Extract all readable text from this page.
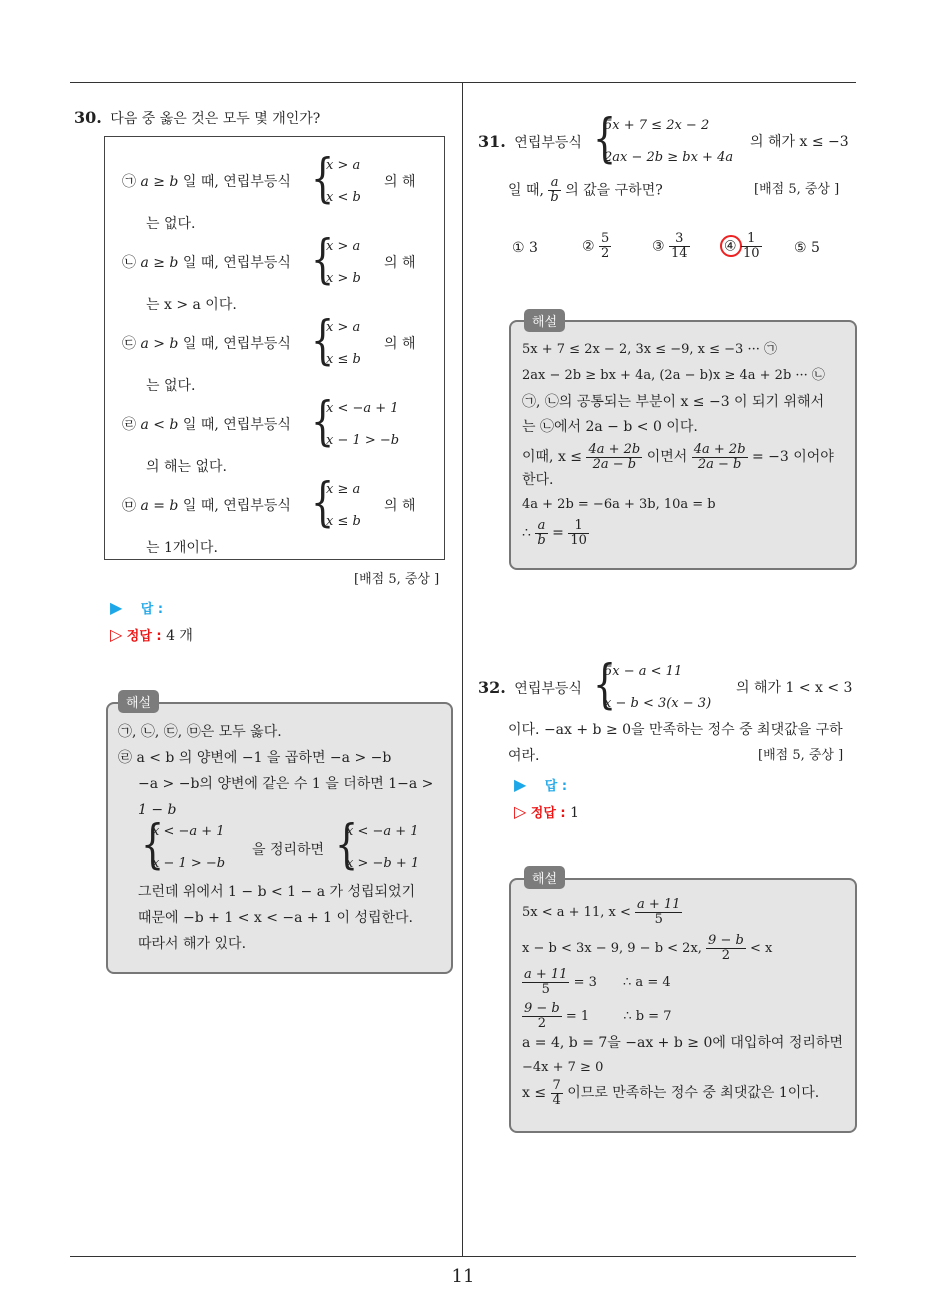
11
30. 다음 중 옳은 것은 모두 몇 개인가?
㉠ a ≥ b 일 때, 연립부등식 {
x > a
x < b
의 해
는 없다.
㉡ a ≥ b 일 때, 연립부등식 {
x > a
x > b
의 해
는 x > a 이다.
㉢ a > b 일 때, 연립부등식 {
x > a
x ≤ b
의 해
는 없다.
㉣ a < b 일 때, 연립부등식 {
x < −a + 1
x − 1 > −b
의 해는 없다.
㉤ a = b 일 때, 연립부등식 {
x ≥ a
x ≤ b
의 해
는 1개이다.
[배점 5, 중상 ]
▶ 답 :
▷ 정답 : 4 개
해설
㉠, ㉡, ㉢, ㉤은 모두 옳다.
㉣ a < b 의 양변에 −1 을 곱하면 −a > −b
−a > −b의 양변에 같은 수 1 을 더하면 1−a >
1 − b
{
x < −a + 1
x − 1 > −b
을 정리하면 {
x < −a + 1
x > −b + 1
그런데 위에서 1 − b < 1 − a 가 성립되었기
때문에 −b + 1 < x < −a + 1 이 성립한다.
따라서 해가 있다.
31. 연립부등식 {
5x + 7 ≤ 2x − 2
2ax − 2b ≥ bx + 4a
의 해가 x ≤ −3
일 때, $\frac{a}{b}$ 의 값을 구하면?	[배점 5, 중상 ]
① 3	② $\frac{5}{2}$	③ $\frac{3}{14}$ ④ $\frac{1}{10}$ ⑤ 5
해설
5x + 7 ≤ 2x − 2, 3x ≤ −9, x ≤ −3 ··· ㉠
2ax − 2b ≥ bx + 4a, (2a − b)x ≥ 4a + 2b ··· ㉡
㉠, ㉡의 공통되는 부분이 x ≤ −3 이 되기 위해서
는 ㉡에서 2a − b < 0 이다.
이때, $x \le \frac{4a + 2b}{2a - b}$ 이면서 $\frac{4a + 2b}{2a - b} = -3$ 이어야
한다.
4a + 2b = −6a + 3b, 10a = b
∴ $\frac{a}{b} = \frac{1}{10}$
32. 연립부등식 {
5x − a < 11
x − b < 3(x − 3)
의 해가 1 < x < 3
이다. −ax + b ≥ 0을 만족하는 정수 중 최댓값을 구하
여라.	[배점 5, 중상 ]
▶ 답 :
▷ 정답 : 1
해설
5x < a + 11, $x < \frac{a + 11}{5}$
x − b < 3x − 9, 9 − b < 2x, $\frac{9 - b}{2} < x$
$\frac{a + 11}{5} = 3$ ∴ a = 4
$\frac{9 - b}{2} = 1$	∴ b = 7
a = 4, b = 7을 −ax + b ≥ 0에 대입하여 정리하면
−4x + 7 ≥ 0
$x \le \frac{7}{4}$ 이므로 만족하는 정수 중 최댓값은 1이다.
